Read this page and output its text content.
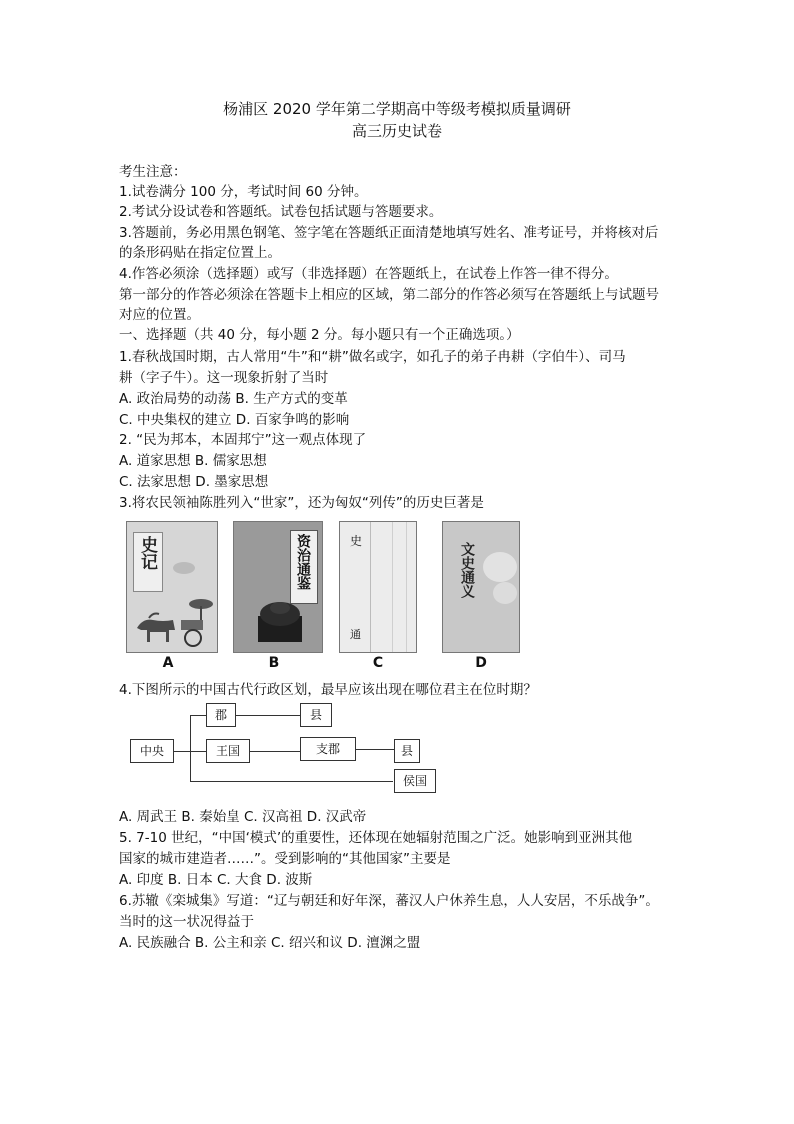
杨浦区 2020 学年第二学期高中等级考模拟质量调研
高三历史试卷
考生注意：
1.试卷满分 100 分，考试时间 60 分钟。
2.考试分设试卷和答题纸。试卷包括试题与答题要求。
3.答题前，务必用黑色钢笔、签字笔在答题纸正面清楚地填写姓名、准考证号，并将核对后
的条形码贴在指定位置上。
4.作答必须涂（选择题）或写（非选择题）在答题纸上，在试卷上作答一律不得分。
第一部分的作答必须涂在答题卡上相应的区域，第二部分的作答必须写在答题纸上与试题号
对应的位置。
一、选择题（共 40 分，每小题 2 分。每小题只有一个正确选项。）
1.春秋战国时期，古人常用“牛”和“耕”做名或字，如孔子的弟子冉耕（字伯牛）、司马
耕（字子牛）。这一现象折射了当时
A. 政治局势的动荡 B. 生产方式的变革
C. 中央集权的建立 D. 百家争鸣的影响
2. “民为邦本，本固邦宁”这一观点体现了
A. 道家思想 B. 儒家思想
C. 法家思想 D. 墨家思想
3.将农民领袖陈胜列入“世家”，还为匈奴“列传”的历史巨著是
史记	资治通鉴	史
通
文史通义
A	B	C	D
4.下图所示的中国古代行政区划，最早应该出现在哪位君主在位时期？
中央
郡	县
王国	支郡	县
侯国
A. 周武王 B. 秦始皇 C. 汉高祖 D. 汉武帝
5. 7-10 世纪，“中国‘模式’的重要性，还体现在她辐射范围之广泛。她影响到亚洲其他
国家的城市建造者……”。受到影响的“其他国家”主要是
A. 印度 B. 日本 C. 大食 D. 波斯
6.苏辙《栾城集》写道：“辽与朝廷和好年深，蕃汉人户休养生息，人人安居，不乐战争”。
当时的这一状况得益于
A. 民族融合 B. 公主和亲 C. 绍兴和议 D. 澶渊之盟
